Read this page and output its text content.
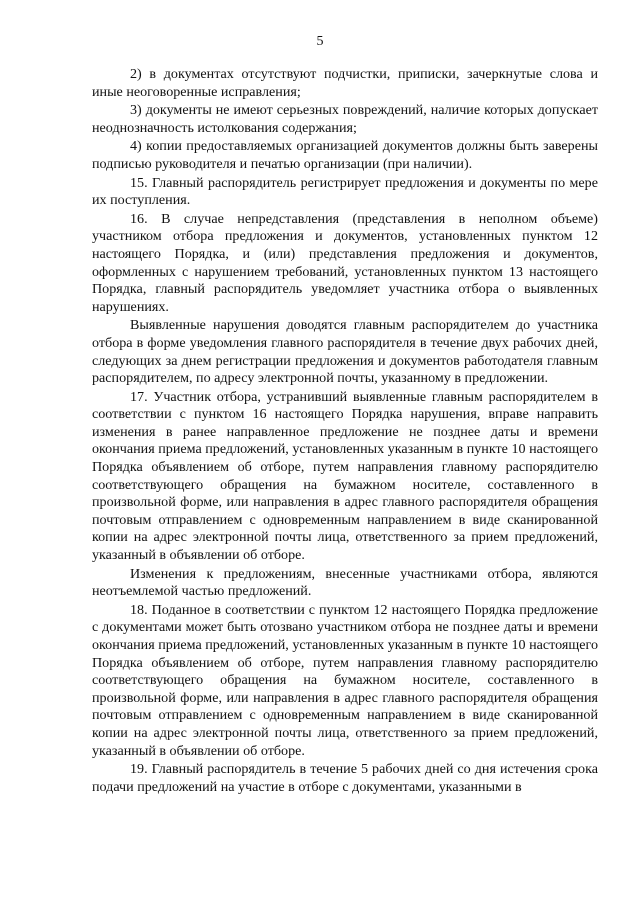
5

2) в документах отсутствуют подчистки, приписки, зачеркнутые слова и иные неоговоренные исправления;

3) документы не имеют серьезных повреждений, наличие которых допускает неоднозначность истолкования содержания;

4) копии предоставляемых организацией документов должны быть заверены подписью руководителя и печатью организации (при наличии).

15. Главный распорядитель регистрирует предложения и документы по мере их поступления.

16. В случае непредставления (представления в неполном объеме) участником отбора предложения и документов, установленных пунктом 12 настоящего Порядка, и (или) представления предложения и документов, оформленных с нарушением требований, установленных пунктом 13 настоящего Порядка, главный распорядитель уведомляет участника отбора о выявленных нарушениях.

Выявленные нарушения доводятся главным распорядителем до участника отбора в форме уведомления главного распорядителя в течение двух рабочих дней, следующих за днем регистрации предложения и документов работодателя главным распорядителем, по адресу электронной почты, указанному в предложении.

17. Участник отбора, устранивший выявленные главным распорядителем в соответствии с пунктом 16 настоящего Порядка нарушения, вправе направить изменения в ранее направленное предложение не позднее даты и времени окончания приема предложений, установленных указанным в пункте 10 настоящего Порядка объявлением об отборе, путем направления главному распорядителю соответствующего обращения на бумажном носителе, составленного в произвольной форме, или направления в адрес главного распорядителя обращения почтовым отправлением с одновременным направлением в виде сканированной копии на адрес электронной почты лица, ответственного за прием предложений, указанный в объявлении об отборе.

Изменения к предложениям, внесенные участниками отбора, являются неотъемлемой частью предложений.

18. Поданное в соответствии с пунктом 12 настоящего Порядка предложение с документами может быть отозвано участником отбора не позднее даты и времени окончания приема предложений, установленных указанным в пункте 10 настоящего Порядка объявлением об отборе, путем направления главному распорядителю соответствующего обращения на бумажном носителе, составленного в произвольной форме, или направления в адрес главного распорядителя обращения почтовым отправлением с одновременным направлением в виде сканированной копии на адрес электронной почты лица, ответственного за прием предложений, указанный в объявлении об отборе.

19. Главный распорядитель в течение 5 рабочих дней со дня истечения срока подачи предложений на участие в отборе с документами, указанными в
